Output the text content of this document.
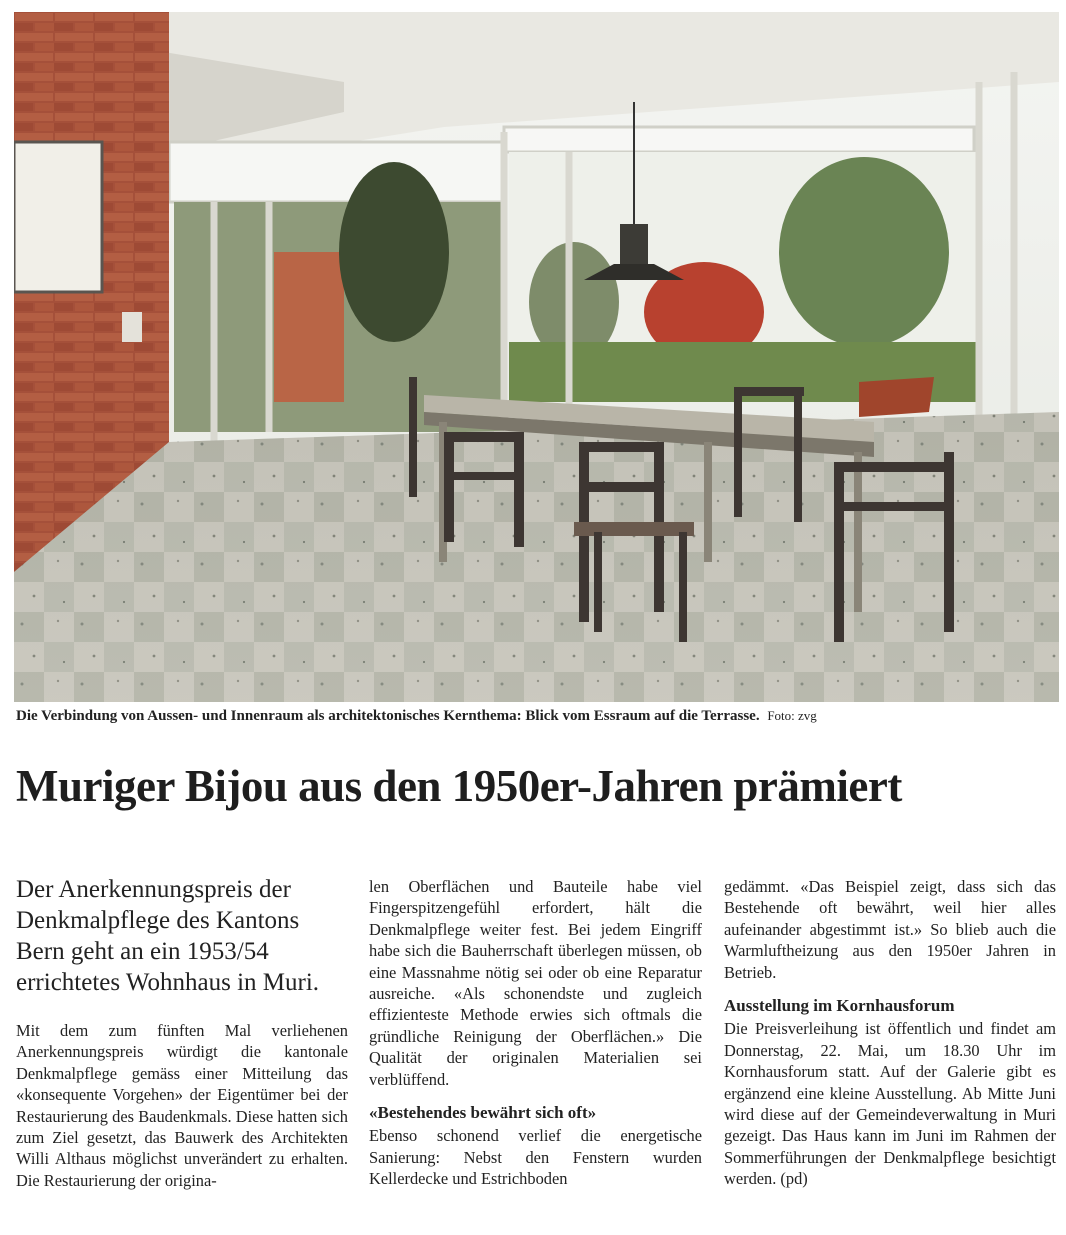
Die Verbindung von Aussen- und Innenraum als architektonisches Kernthema: Blick vom Essraum auf die Terrasse. Foto: zvg
Muriger Bijou aus den 1950er-Jahren prämiert

Der Anerkennungspreis der Denkmalpflege des Kantons Bern geht an ein 1953/54 errichtetes Wohnhaus in Muri.

Mit dem zum fünften Mal verliehenen Anerkennungspreis würdigt die kantonale Denkmalpflege gemäss einer Mitteilung das «konsequente Vorgehen» der Eigentümer bei der Restaurierung des Baudenkmals. Diese hatten sich zum Ziel gesetzt, das Bauwerk des Architekten Willi Althaus möglichst unverändert zu erhalten. Die Restaurierung der origina-

len Oberflächen und Bauteile habe viel Fingerspitzengefühl erfordert, hält die Denkmalpflege weiter fest. Bei jedem Eingriff habe sich die Bauherrschaft überlegen müssen, ob eine Massnahme nötig sei oder ob eine Reparatur ausreiche. «Als schonendste und zugleich effizienteste Methode erwies sich oftmals die gründliche Reinigung der Oberflächen.» Die Qualität der originalen Materialien sei verblüffend.

«Bestehendes bewährt sich oft»

Ebenso schonend verlief die energetische Sanierung: Nebst den Fenstern wurden Kellerdecke und Estrichboden

gedämmt. «Das Beispiel zeigt, dass sich das Bestehende oft bewährt, weil hier alles aufeinander abgestimmt ist.» So blieb auch die Warmluftheizung aus den 1950er Jahren in Betrieb.

Ausstellung im Kornhausforum

Die Preisverleihung ist öffentlich und findet am Donnerstag, 22. Mai, um 18.30 Uhr im Kornhausforum statt. Auf der Galerie gibt es ergänzend eine kleine Ausstellung. Ab Mitte Juni wird diese auf der Gemeindeverwaltung in Muri gezeigt. Das Haus kann im Juni im Rahmen der Sommerführungen der Denkmalpflege besichtigt werden. (pd)
